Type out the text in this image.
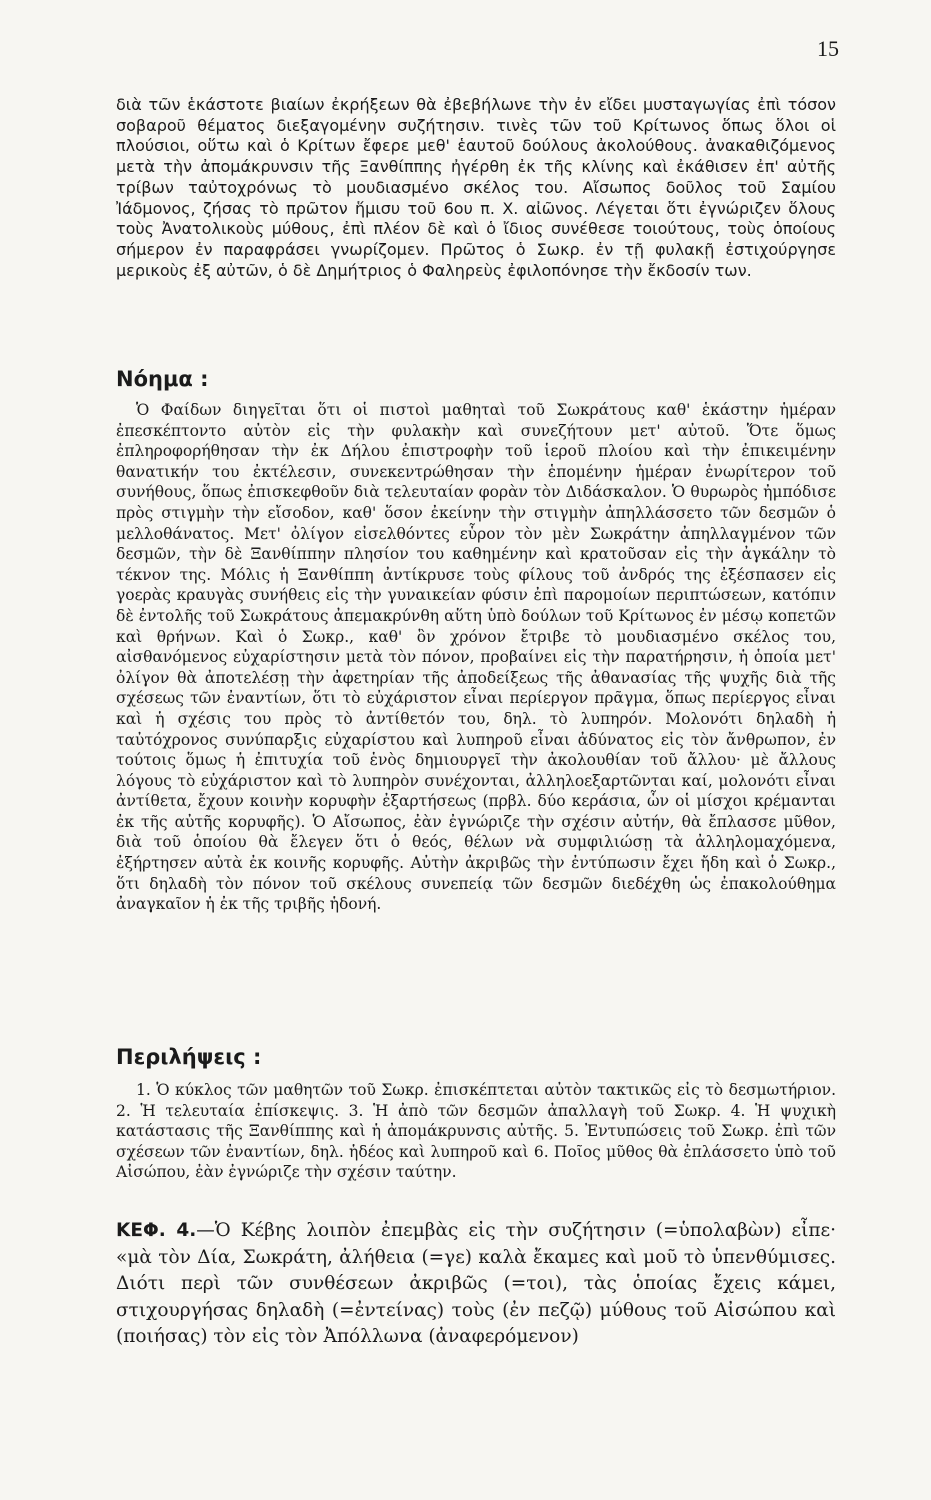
15

διὰ τῶν ἑκάστοτε βιαίων ἐκρήξεων θὰ ἐβεβήλωνε τὴν ἐν εἴδει μυσταγωγίας ἐπὶ τόσον σοβαροῦ θέματος διεξαγομένην συζήτησιν. τινὲς τῶν τοῦ Κρίτωνος ὅπως ὅλοι οἱ πλούσιοι, οὕτω καὶ ὁ Κρίτων ἔφερε μεθ' ἑαυτοῦ δούλους ἀκολούθους. ἀνακαθιζόμενος μετὰ τὴν ἀπομάκρυνσιν τῆς Ξανθίππης ἠγέρθη ἐκ τῆς κλίνης καὶ ἐκάθισεν ἐπ' αὐτῆς τρίβων ταὐτοχρόνως τὸ μουδιασμένο σκέλος του. Αἴσωπος δοῦλος τοῦ Σαμίου Ἰάδμονος, ζήσας τὸ πρῶτον ἥμισυ τοῦ 6ου π. Χ. αἰῶνος. Λέγεται ὅτι ἐγνώριζεν ὅλους τοὺς Ἀνατολικοὺς μύθους, ἐπὶ πλέον δὲ καὶ ὁ ἴδιος συνέθεσε τοιούτους, τοὺς ὁποίους σήμερον ἐν παραφράσει γνωρίζομεν. Πρῶτος ὁ Σωκρ. ἐν τῇ φυλακῇ ἐστιχούργησε μερικοὺς ἐξ αὐτῶν, ὁ δὲ Δημήτριος ὁ Φαληρεὺς ἐφιλοπόνησε τὴν ἔκδοσίν των.

Νόημα :

Ὁ Φαίδων διηγεῖται ὅτι οἱ πιστοὶ μαθηταὶ τοῦ Σωκράτους καθ' ἑκάστην ἡμέραν ἐπεσκέπτοντο αὐτὸν εἰς τὴν φυλακὴν καὶ συνεζήτουν μετ' αὐτοῦ. Ὅτε ὅμως ἐπληροφορήθησαν τὴν ἐκ Δήλου ἐπιστροφὴν τοῦ ἱεροῦ πλοίου καὶ τὴν ἐπικειμένην θανατικήν του ἐκτέλεσιν, συνεκεντρώθησαν τὴν ἑπομένην ἡμέραν ἐνωρίτερον τοῦ συνήθους, ὅπως ἐπισκεφθοῦν διὰ τελευταίαν φορὰν τὸν Διδάσκαλον. Ὁ θυρωρὸς ἠμπόδισε πρὸς στιγμὴν τὴν εἴσοδον, καθ' ὅσον ἐκείνην τὴν στιγμὴν ἀπηλλάσσετο τῶν δεσμῶν ὁ μελλοθάνατος. Μετ' ὀλίγον εἰσελθόντες εὗρον τὸν μὲν Σωκράτην ἀπηλλαγμένον τῶν δεσμῶν, τὴν δὲ Ξανθίππην πλησίον του καθημένην καὶ κρατοῦσαν εἰς τὴν ἀγκάλην τὸ τέκνον της. Μόλις ἡ Ξανθίππη ἀντίκρυσε τοὺς φίλους τοῦ ἀνδρός της ἐξέσπασεν εἰς γοερὰς κραυγὰς συνήθεις εἰς τὴν γυναικείαν φύσιν ἐπὶ παρομοίων περιπτώσεων, κατόπιν δὲ ἐντολῆς τοῦ Σωκράτους ἀπεμακρύνθη αὕτη ὑπὸ δούλων τοῦ Κρίτωνος ἐν μέσῳ κοπετῶν καὶ θρήνων. Καὶ ὁ Σωκρ., καθ' ὃν χρόνον ἔτριβε τὸ μουδιασμένο σκέλος του, αἰσθανόμενος εὐχαρίστησιν μετὰ τὸν πόνον, προβαίνει εἰς τὴν παρατήρησιν, ἡ ὁποία μετ' ὀλίγον θὰ ἀποτελέσῃ τὴν ἀφετηρίαν τῆς ἀποδείξεως τῆς ἀθανασίας τῆς ψυχῆς διὰ τῆς σχέσεως τῶν ἐναντίων, ὅτι τὸ εὐχάριστον εἶναι περίεργον πρᾶγμα, ὅπως περίεργος εἶναι καὶ ἡ σχέσις του πρὸς τὸ ἀντίθετόν του, δηλ. τὸ λυπηρόν. Μολονότι δηλαδὴ ἡ ταὐτόχρονος συνύπαρξις εὐχαρίστου καὶ λυπηροῦ εἶναι ἀδύνατος εἰς τὸν ἄνθρωπον, ἐν τούτοις ὅμως ἡ ἐπιτυχία τοῦ ἑνὸς δημιουργεῖ τὴν ἀκολουθίαν τοῦ ἄλλου· μὲ ἄλλους λόγους τὸ εὐχάριστον καὶ τὸ λυπηρὸν συνέχονται, ἀλληλοεξαρτῶνται καί, μολονότι εἶναι ἀντίθετα, ἔχουν κοινὴν κορυφὴν ἐξαρτήσεως (πρβλ. δύο κεράσια, ὧν οἱ μίσχοι κρέμανται ἐκ τῆς αὐτῆς κορυφῆς). Ὁ Αἴσωπος, ἐὰν ἐγνώριζε τὴν σχέσιν αὐτήν, θὰ ἔπλασσε μῦθον, διὰ τοῦ ὁποίου θὰ ἔλεγεν ὅτι ὁ θεός, θέλων νὰ συμφιλιώσῃ τὰ ἀλληλομαχόμενα, ἐξήρτησεν αὐτὰ ἐκ κοινῆς κορυφῆς. Αὐτὴν ἀκριβῶς τὴν ἐντύπωσιν ἔχει ἤδη καὶ ὁ Σωκρ., ὅτι δηλαδὴ τὸν πόνον τοῦ σκέλους συνεπείᾳ τῶν δεσμῶν διεδέχθη ὡς ἐπακολούθημα ἀναγκαῖον ἡ ἐκ τῆς τριβῆς ἡδονή.

Περιλήψεις :

1. Ὁ κύκλος τῶν μαθητῶν τοῦ Σωκρ. ἐπισκέπτεται αὐτὸν τακτικῶς εἰς τὸ δεσμωτήριον. 2. Ἡ τελευταία ἐπίσκεψις. 3. Ἡ ἀπὸ τῶν δεσμῶν ἀπαλλαγὴ τοῦ Σωκρ. 4. Ἡ ψυχικὴ κατάστασις τῆς Ξανθίππης καὶ ἡ ἀπομάκρυνσις αὐτῆς. 5. Ἐντυπώσεις τοῦ Σωκρ. ἐπὶ τῶν σχέσεων τῶν ἐναντίων, δηλ. ἡδέος καὶ λυπηροῦ καὶ 6. Ποῖος μῦθος θὰ ἐπλάσσετο ὑπὸ τοῦ Αἰσώπου, ἐὰν ἐγνώριζε τὴν σχέσιν ταύτην.

ΚΕΦ. 4.—Ὁ Κέβης λοιπὸν ἐπεμβὰς εἰς τὴν συζήτησιν (=ὑπολαβὼν) εἶπε· «μὰ τὸν Δία, Σωκράτη, ἀλήθεια (=γε) καλὰ ἔκαμες καὶ μοῦ τὸ ὑπενθύμισες. Διότι περὶ τῶν συνθέσεων ἀκριβῶς (=τοι), τὰς ὁποίας ἔχεις κάμει, στιχουργήσας δηλαδὴ (=ἐντείνας) τοὺς (ἐν πεζῷ) μύθους τοῦ Αἰσώπου καὶ (ποιήσας) τὸν εἰς τὸν Ἀπόλλωνα (ἀναφερόμενον)
